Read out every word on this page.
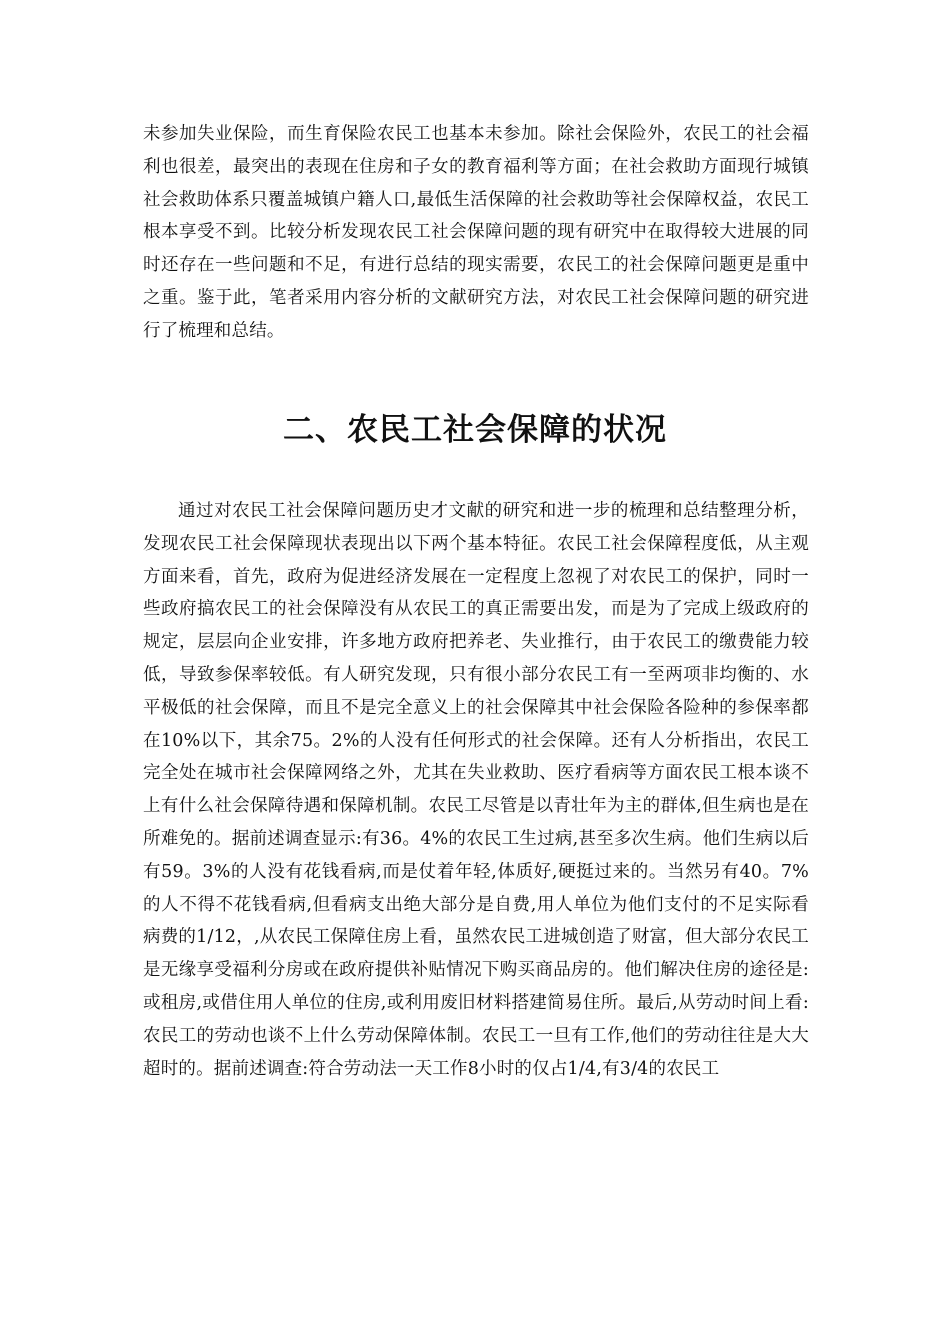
未参加失业保险，而生育保险农民工也基本未参加。除社会保险外，农民工的社会福利也很差，最突出的表现在住房和子女的教育福利等方面；在社会救助方面现行城镇社会救助体系只覆盖城镇户籍人口,最低生活保障的社会救助等社会保障权益，农民工根本享受不到。比较分析发现农民工社会保障问题的现有研究中在取得较大进展的同时还存在一些问题和不足，有进行总结的现实需要，农民工的社会保障问题更是重中之重。鉴于此，笔者采用内容分析的文献研究方法，对农民工社会保障问题的研究进行了梳理和总结。

二、农民工社会保障的状况

通过对农民工社会保障问题历史才文献的研究和进一步的梳理和总结整理分析，发现农民工社会保障现状表现出以下两个基本特征。农民工社会保障程度低，从主观方面来看，首先，政府为促进经济发展在一定程度上忽视了对农民工的保护，同时一些政府搞农民工的社会保障没有从农民工的真正需要出发，而是为了完成上级政府的规定，层层向企业安排，许多地方政府把养老、失业推行，由于农民工的缴费能力较低，导致参保率较低。有人研究发现，只有很小部分农民工有一至两项非均衡的、水平极低的社会保障，而且不是完全意义上的社会保障其中社会保险各险种的参保率都在10%以下，其余75。2%的人没有任何形式的社会保障。还有人分析指出，农民工完全处在城市社会保障网络之外，尤其在失业救助、医疗看病等方面农民工根本谈不上有什么社会保障待遇和保障机制。农民工尽管是以青壮年为主的群体,但生病也是在所难免的。据前述调查显示:有36。4%的农民工生过病,甚至多次生病。他们生病以后有59。3%的人没有花钱看病,而是仗着年轻,体质好,硬挺过来的。当然另有40。7%的人不得不花钱看病,但看病支出绝大部分是自费,用人单位为他们支付的不足实际看病费的1/12，,从农民工保障住房上看，虽然农民工进城创造了财富，但大部分农民工是无缘享受福利分房或在政府提供补贴情况下购买商品房的。他们解决住房的途径是:或租房,或借住用人单位的住房,或利用废旧材料搭建简易住所。最后,从劳动时间上看:农民工的劳动也谈不上什么劳动保障体制。农民工一旦有工作,他们的劳动往往是大大超时的。据前述调查:符合劳动法一天工作8小时的仅占1/4,有3/4的农民工
